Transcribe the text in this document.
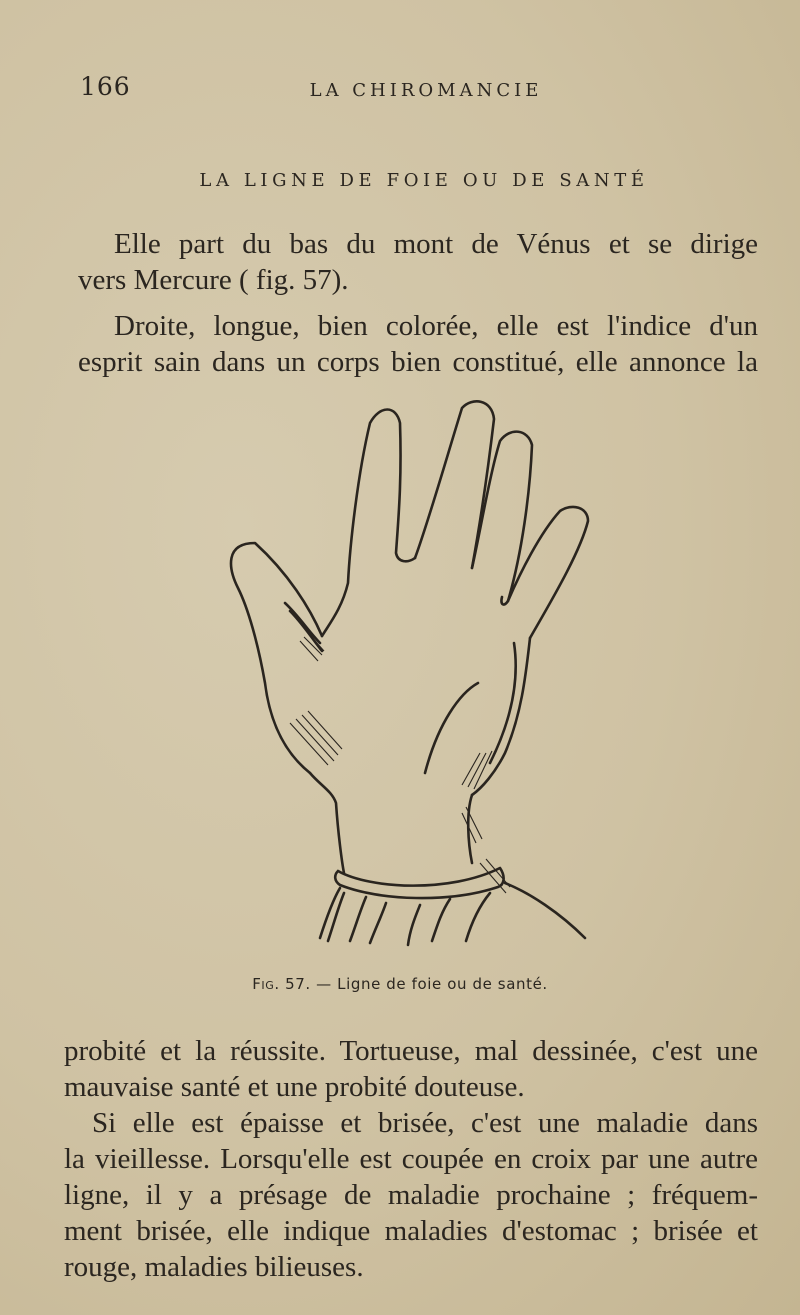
166	LA CHIROMANCIE
LA LIGNE DE FOIE OU DE SANTÉ

Elle part du bas du mont de Vénus et se dirige

vers Mercure ( fig. 57).

Droite, longue, bien colorée, elle est l'indice d'un

esprit sain dans un corps bien constitué, elle annonce la

Fig. 57. — Ligne de foie ou de santé.

probité et la réussite. Tortueuse, mal dessinée, c'est une

mauvaise santé et une probité douteuse.

Si elle est épaisse et brisée, c'est une maladie dans

la vieillesse. Lorsqu'elle est coupée en croix par une autre

ligne, il y a présage de maladie prochaine ; fréquem-

ment brisée, elle indique maladies d'estomac ; brisée et

rouge, maladies bilieuses.
